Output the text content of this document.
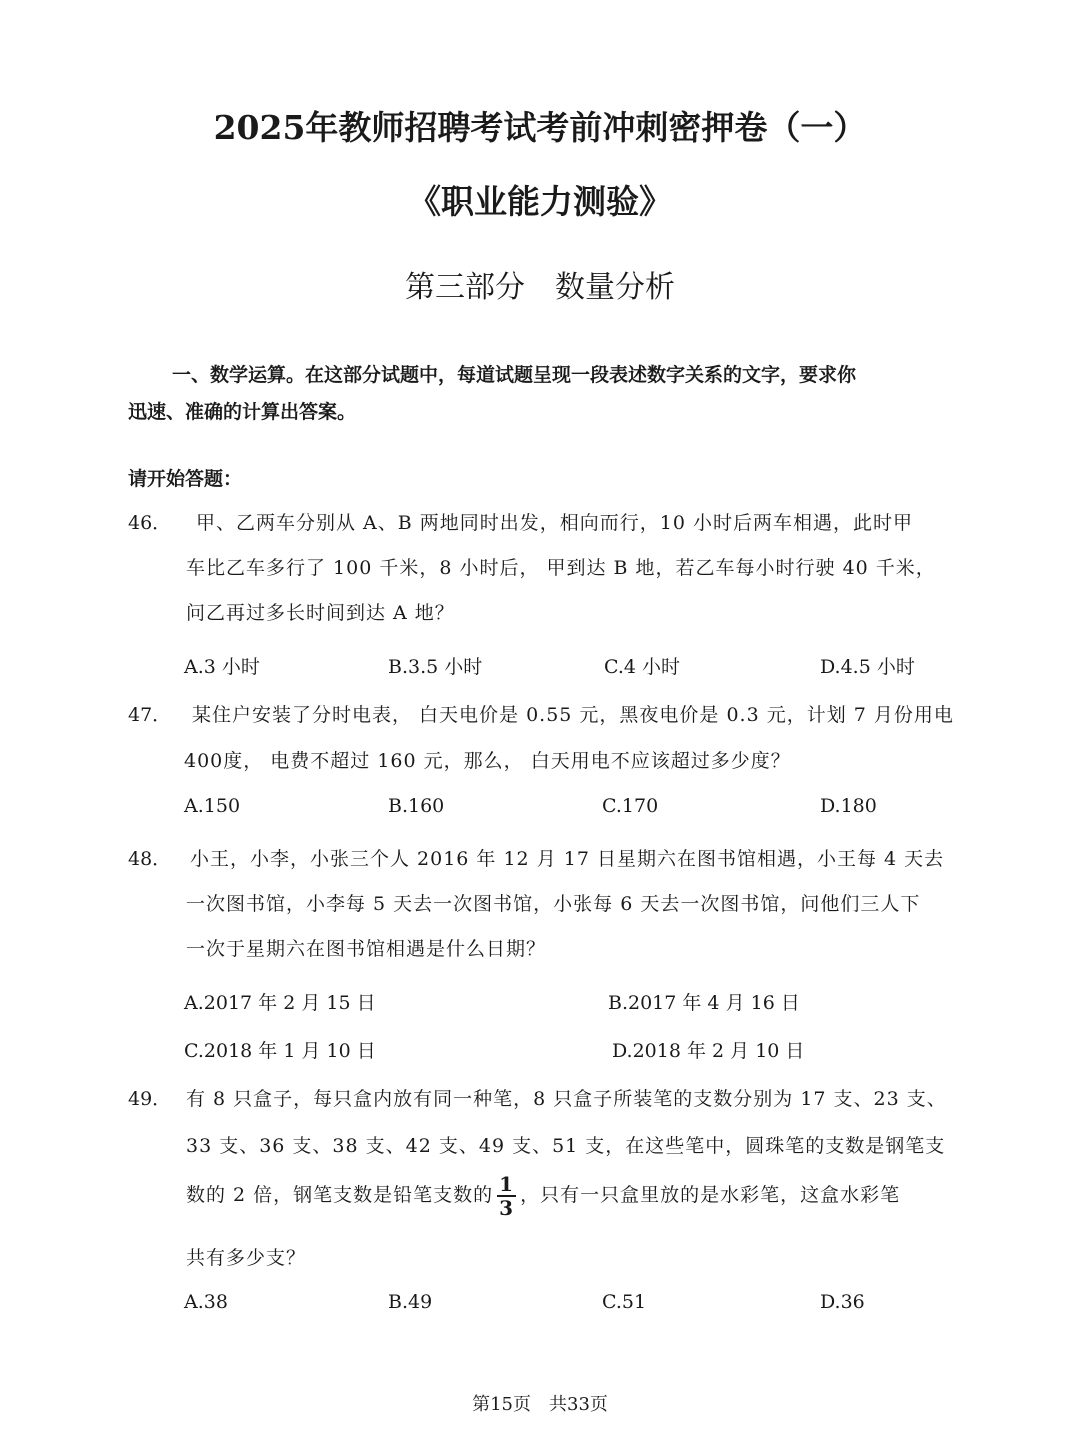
2025年教师招聘考试考前冲刺密押卷（一）
《职业能力测验》
第三部分　数量分析
一、数学运算。在这部分试题中，每道试题呈现一段表述数字关系的文字，要求你
迅速、准确的计算出答案。
请开始答题：
46． 甲、乙两车分别从 A、B 两地同时出发，相向而行，10 小时后两车相遇，此时甲
车比乙车多行了 100 千米，8 小时后， 甲到达 B 地，若乙车每小时行驶 40 千米，
问乙再过多长时间到达 A 地？
A.3 小时	B.3.5 小时	C.4 小时	D.4.5 小时
47． 某住户安装了分时电表， 白天电价是 0.55 元，黑夜电价是 0.3 元，计划 7 月份用电
400度， 电费不超过 160 元，那么， 白天用电不应该超过多少度？
A.150	B.160	C.170	D.180
48． 小王，小李，小张三个人 2016 年 12 月 17 日星期六在图书馆相遇，小王每 4 天去
一次图书馆，小李每 5 天去一次图书馆，小张每 6 天去一次图书馆，问他们三人下
一次于星期六在图书馆相遇是什么日期？
A.2017 年 2 月 15 日	B.2017 年 4 月 16 日
C.2018 年 1 月 10 日	D.2018 年 2 月 10 日
49． 有 8 只盒子，每只盒内放有同一种笔，8 只盒子所装笔的支数分别为 17 支、23 支、
33 支、36 支、38 支、42 支、49 支、51 支，在这些笔中，圆珠笔的支数是钢笔支
数的 2 倍，钢笔支数是铅笔支数的 $\frac{1}{3}$ ，只有一只盒里放的是水彩笔，这盒水彩笔
共有多少支？
A.38	B.49	C.51	D.36
第15页　共33页
